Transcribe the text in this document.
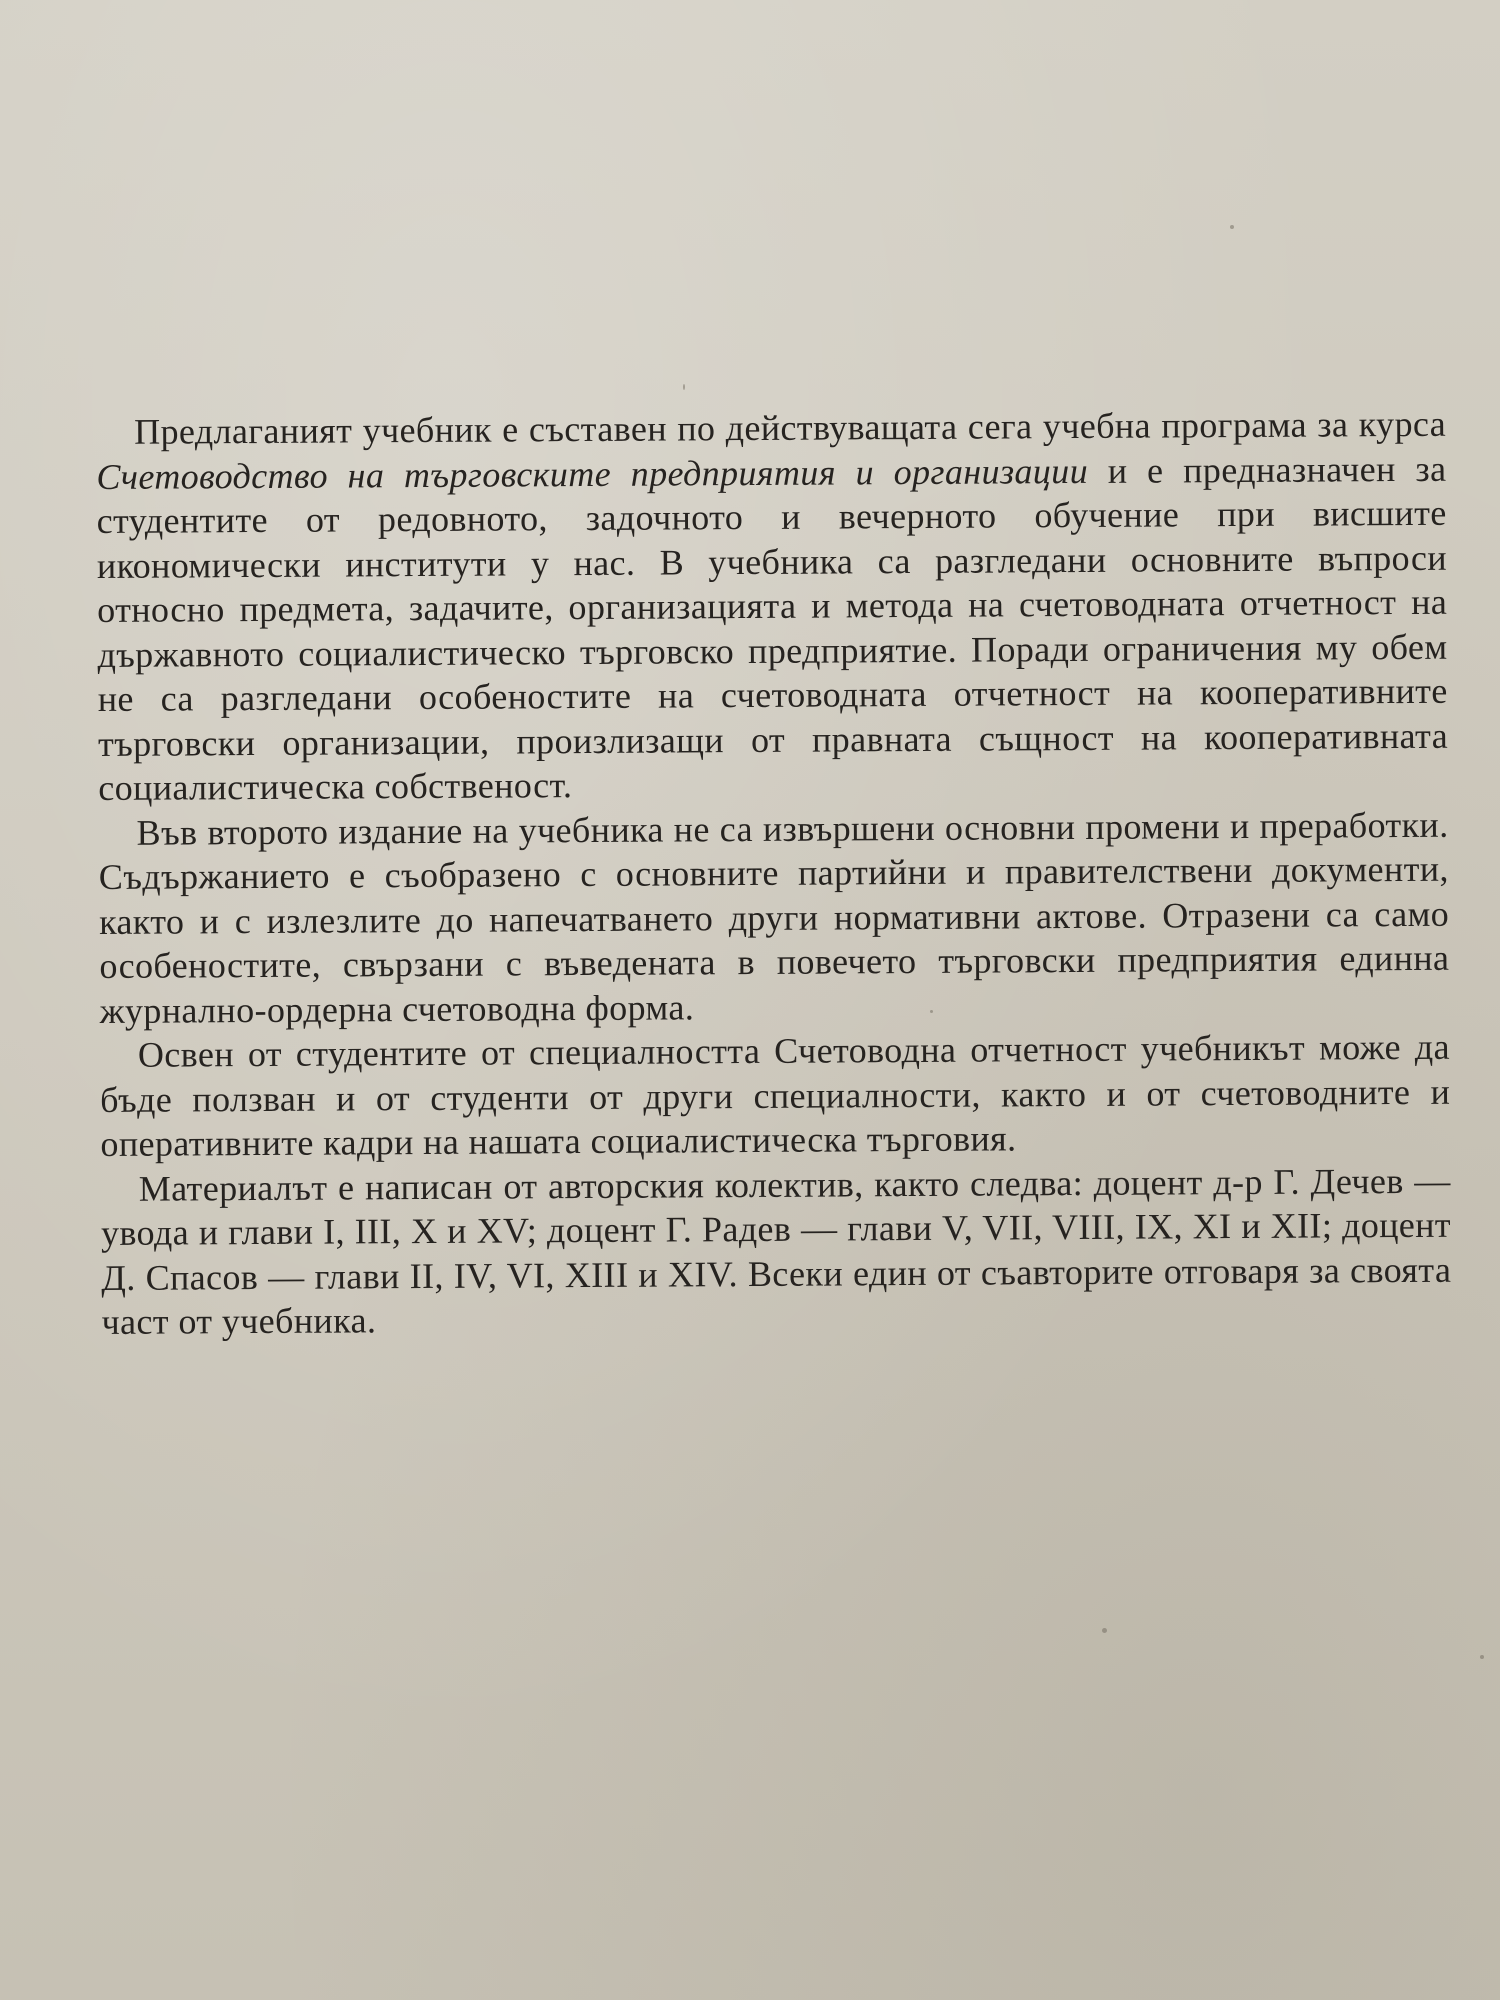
Предлаганият учебник е съставен по действуващата сега учебна програма за курса Счетоводство на търговските предприятия и организации и е предназначен за студентите от редовното, задочното и вечерното обучение при висшите икономически институти у нас. В учебника са разгледани основните въпроси относно предмета, задачите, организацията и метода на счетоводната отчетност на държавното социалистическо търговско предприятие. Поради ограничения му обем не са разгледани особеностите на счетоводната отчетност на кооперативните търговски организации, произлизащи от правната същност на кооперативната социалистическа собственост.

Във второто издание на учебника не са извършени основни промени и преработки. Съдържанието е съобразено с основните партийни и правителствени документи, както и с излезлите до напечатването други нормативни актове. Отразени са само особеностите, свързани с въведената в повечето търговски предприятия единна журнално-ордерна счетоводна форма.

Освен от студентите от специалността Счетоводна отчетност учебникът може да бъде ползван и от студенти от други специалности, както и от счетоводните и оперативните кадри на нашата социалистическа търговия.

Материалът е написан от авторския колектив, както следва: доцент д-р Г. Дечев — увода и глави I, III, X и XV; доцент Г. Радев — глави V, VII, VIII, IX, XI и XII; доцент Д. Спасов — глави II, IV, VI, XIII и XIV. Всеки един от съавторите отговаря за своята част от учебника.
